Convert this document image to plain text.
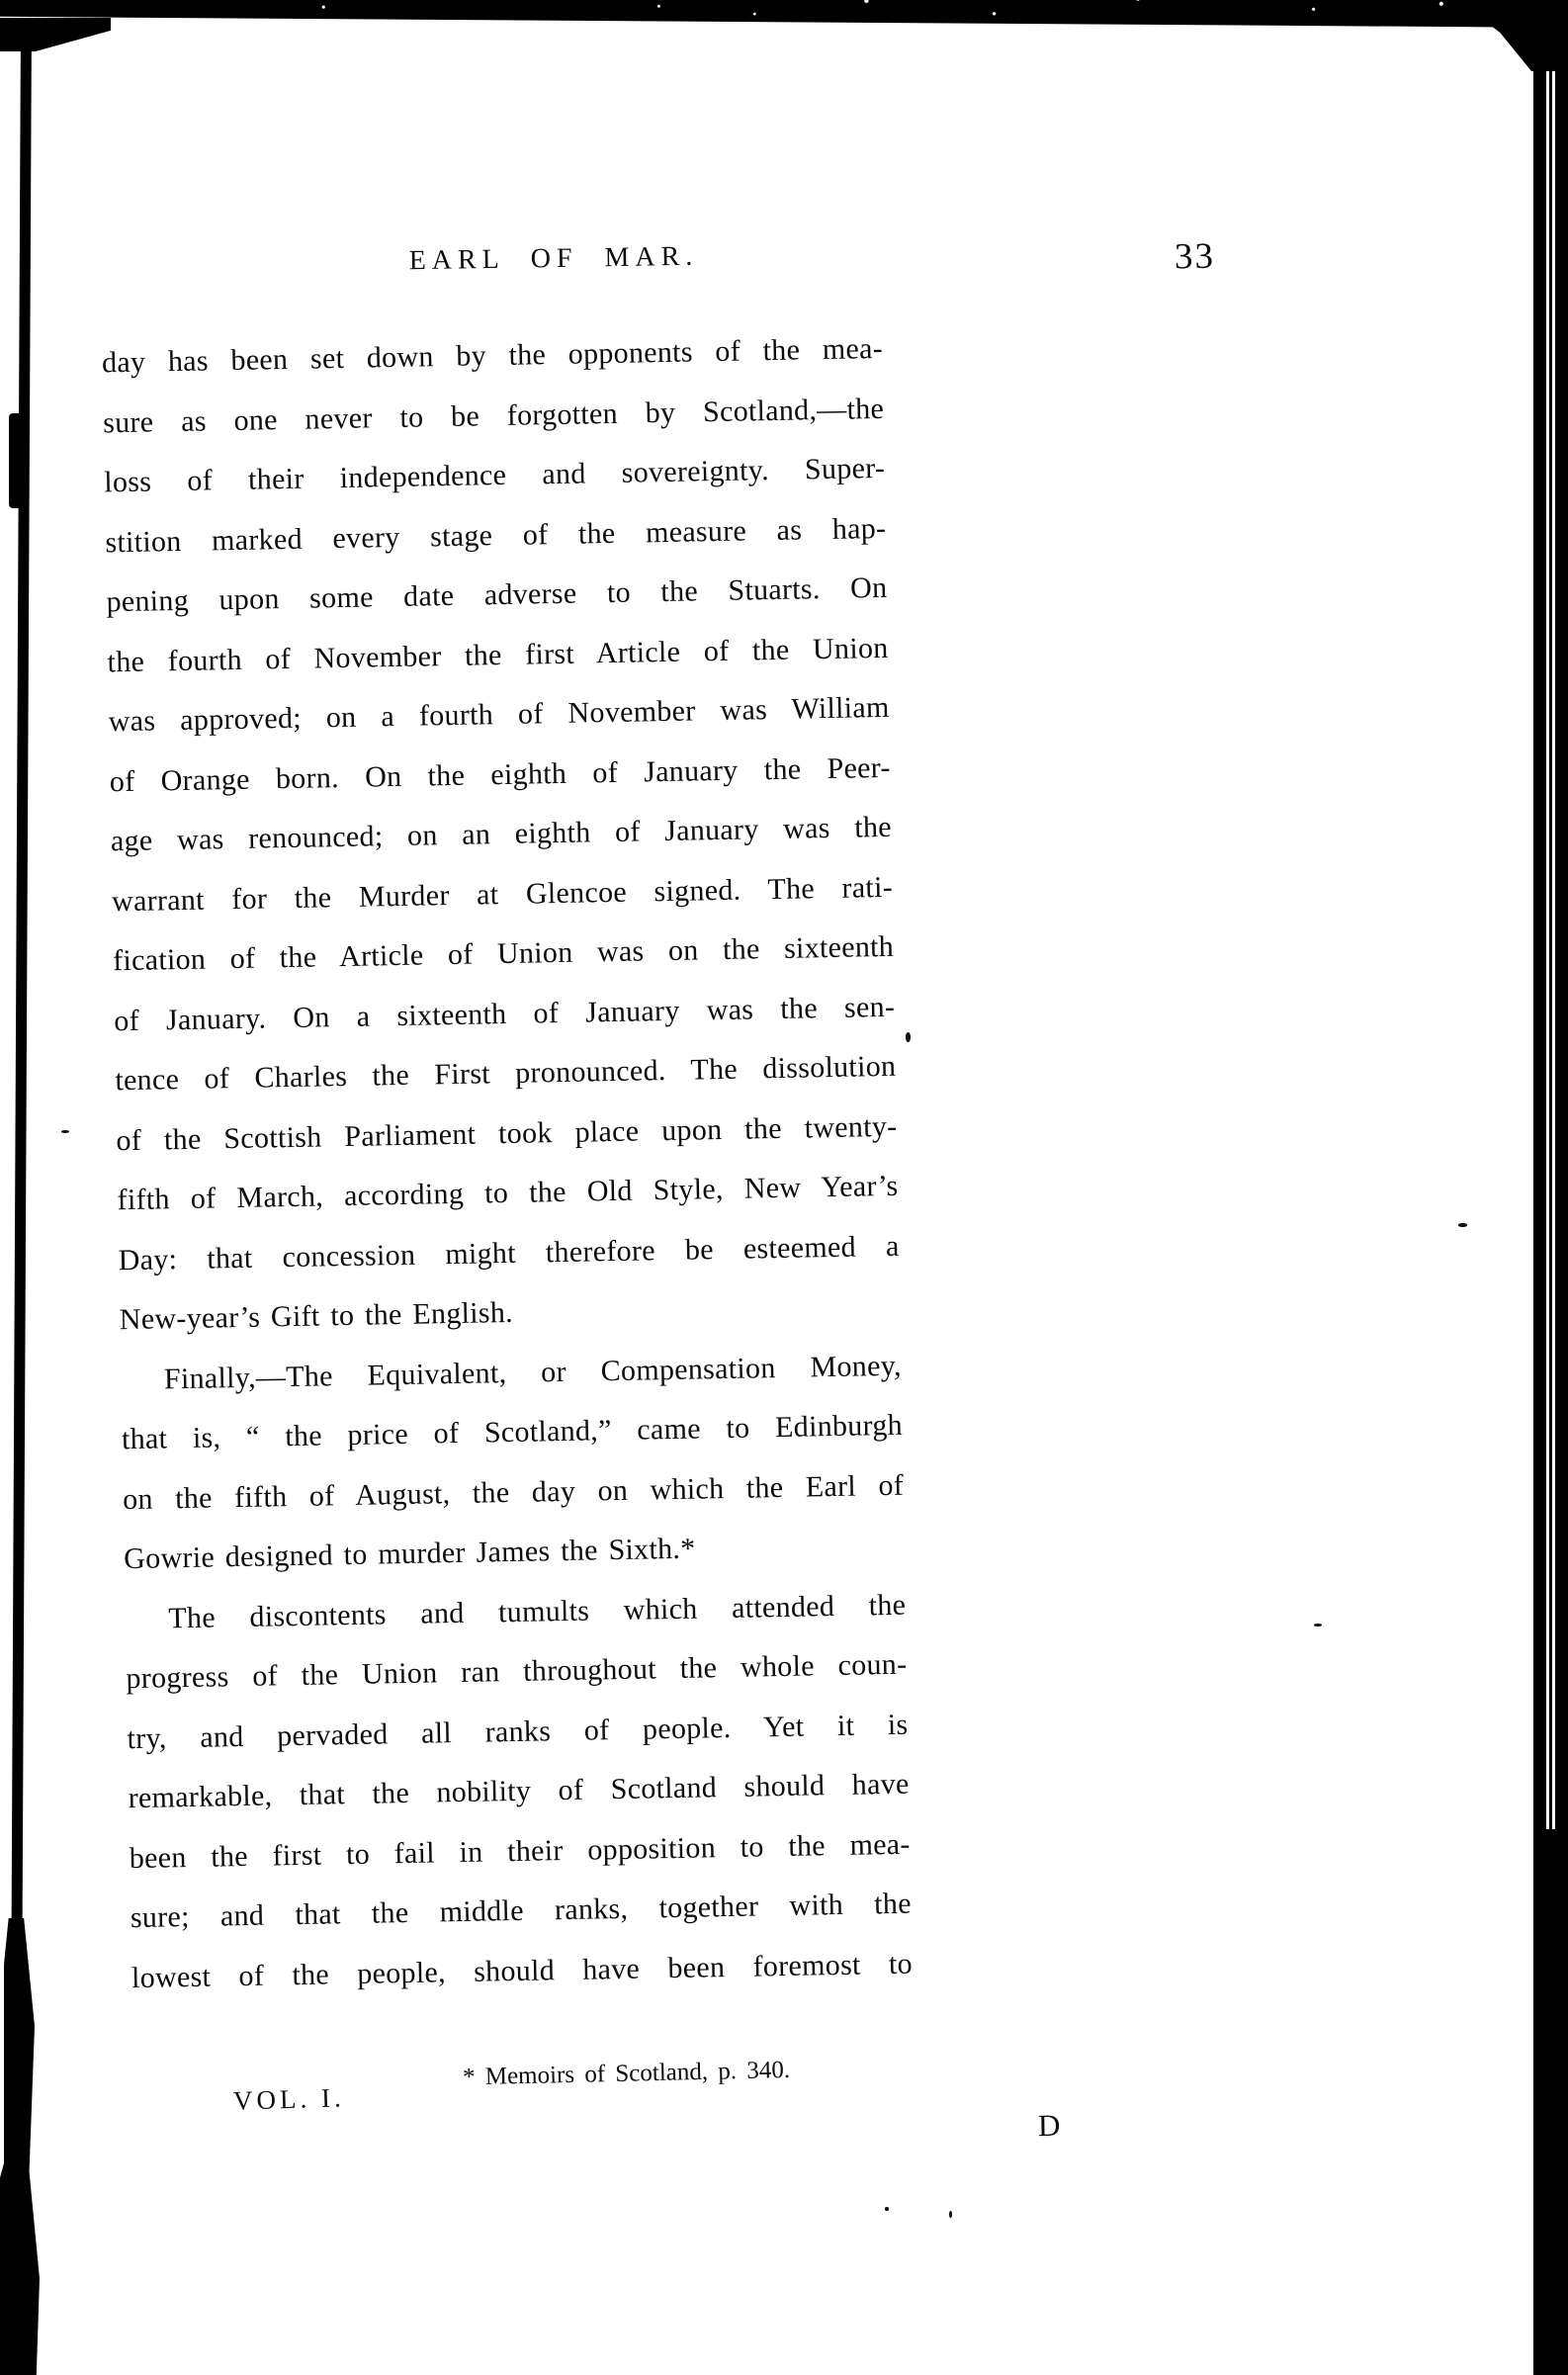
EARL OF MAR.	33
day has been set down by the opponents of the mea-
sure as one never to be forgotten by Scotland,—the
loss of their independence and sovereignty. Super-
stition marked every stage of the measure as hap-
pening upon some date adverse to the Stuarts. On
the fourth of November the first Article of the Union
was approved; on a fourth of November was William
of Orange born. On the eighth of January the Peer-
age was renounced; on an eighth of January was the
warrant for the Murder at Glencoe signed. The rati-
fication of the Article of Union was on the sixteenth
of January. On a sixteenth of January was the sen-
tence of Charles the First pronounced. The dissolution
of the Scottish Parliament took place upon the twenty-
fifth of March, according to the Old Style, New Year’s
Day: that concession might therefore be esteemed a
New-year’s Gift to the English.
Finally,—The Equivalent, or Compensation Money,
that is, “ the price of Scotland,” came to Edinburgh
on the fifth of August, the day on which the Earl of
Gowrie designed to murder James the Sixth.*
The discontents and tumults which attended the
progress of the Union ran throughout the whole coun-
try, and pervaded all ranks of people. Yet it is
remarkable, that the nobility of Scotland should have
been the first to fail in their opposition to the mea-
sure; and that the middle ranks, together with the
lowest of the people, should have been foremost to
* Memoirs of Scotland, p. 340.
VOL. I.
D
